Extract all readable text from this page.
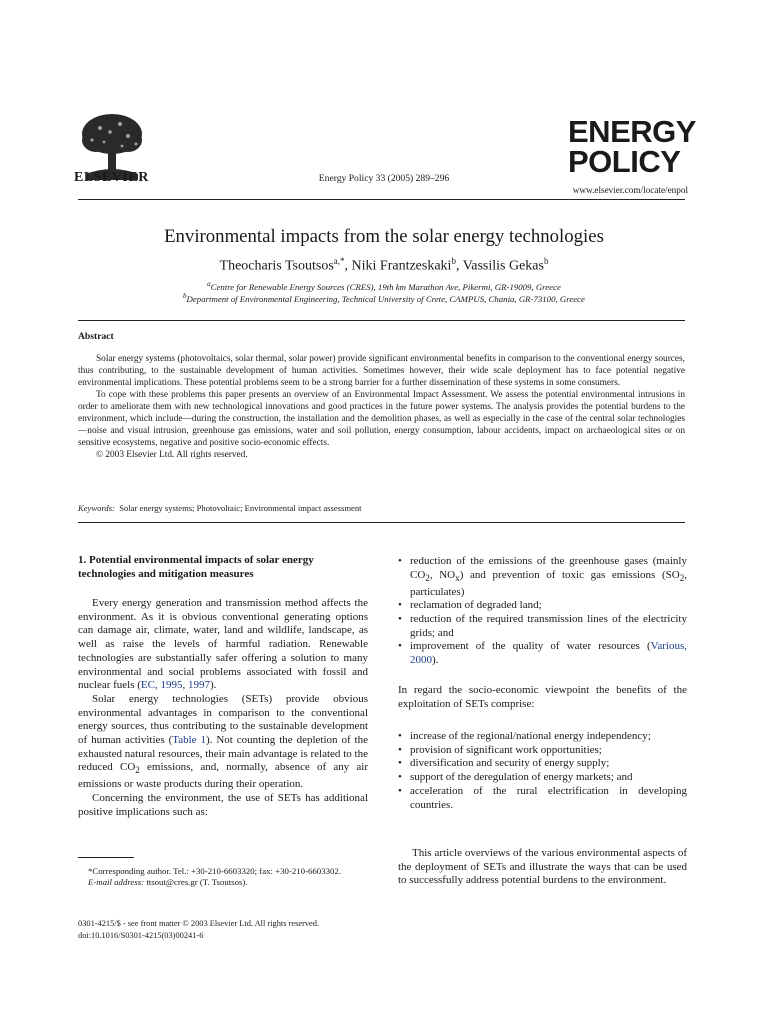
ELSEVIER	Energy Policy 33 (2005) 289–296
ENERGY
POLICY
www.elsevier.com/locate/enpol
Environmental impacts from the solar energy technologies
Theocharis Tsoutsos$^{a,*}$, Niki Frantzeskaki$^b$, Vassilis Gekas$^b$
$^a$Centre for Renewable Energy Sources (CRES), 19th km Marathon Ave, Pikermi, GR-19009, Greece
$^b$Department of Environmental Engineering, Technical University of Crete, CAMPUS, Chania, GR-73100, Greece
Abstract

Solar energy systems (photovoltaics, solar thermal, solar power) provide significant environmental benefits in comparison to the conventional energy sources, thus contributing, to the sustainable development of human activities. Sometimes however, their wide scale deployment has to face potential negative environmental implications. These potential problems seem to be a strong barrier for a further dissemination of these systems in some consumers.

To cope with these problems this paper presents an overview of an Environmental Impact Assessment. We assess the potential environmental intrusions in order to ameliorate them with new technological innovations and good practices in the future power systems. The analysis provides the potential burdens to the environment, which include—during the construction, the installation and the demolition phases, as well as especially in the case of the central solar technologies—noise and visual intrusion, greenhouse gas emissions, water and soil pollution, energy consumption, labour accidents, impact on archaeological sites or on sensitive ecosystems, negative and positive socio-economic effects.

© 2003 Elsevier Ltd. All rights reserved.

Keywords: Solar energy systems; Photovoltaic; Environmental impact assessment
1. Potential environmental impacts of solar energy technologies and mitigation measures

Every energy generation and transmission method affects the environment. As it is obvious conventional generating options can damage air, climate, water, land and wildlife, landscape, as well as raise the levels of harmful radiation. Renewable technologies are substantially safer offering a solution to many environmental and social problems associated with fossil and nuclear fuels (EC, 1995, 1997).

Solar energy technologies (SETs) provide obvious environmental advantages in comparison to the conventional energy sources, thus contributing to the sustainable development of human activities (Table 1). Not counting the depletion of the exhausted natural resources, their main advantage is related to the reduced $CO_2$ emissions, and, normally, absence of any air emissions or waste products during their operation.

Concerning the environment, the use of SETs has additional positive implications such as:

• reduction of the emissions of the greenhouse gases (mainly $CO_2$, $NO_x$) and prevention of toxic gas emissions ($SO_2$, particulates)
• reclamation of degraded land;
• reduction of the required transmission lines of the electricity grids; and
• improvement of the quality of water resources (Various, 2000).
In regard the socio-economic viewpoint the benefits of the exploitation of SETs comprise:
• increase of the regional/national energy independency;
• provision of significant work opportunities;
• diversification and security of energy supply;
• support of the deregulation of energy markets; and
• acceleration of the rural electrification in developing countries.
This article overviews of the various environmental aspects of the deployment of SETs and illustrate the ways that can be used to successfully address potential burdens to the environment.
*Corresponding author. Tel.: +30-210-6603320; fax: +30-210-6603302.
E-mail address: ttsout@cres.gr (T. Tsoutsos).
0301-4215/$ - see front matter © 2003 Elsevier Ltd. All rights reserved.
doi:10.1016/S0301-4215(03)00241-6
